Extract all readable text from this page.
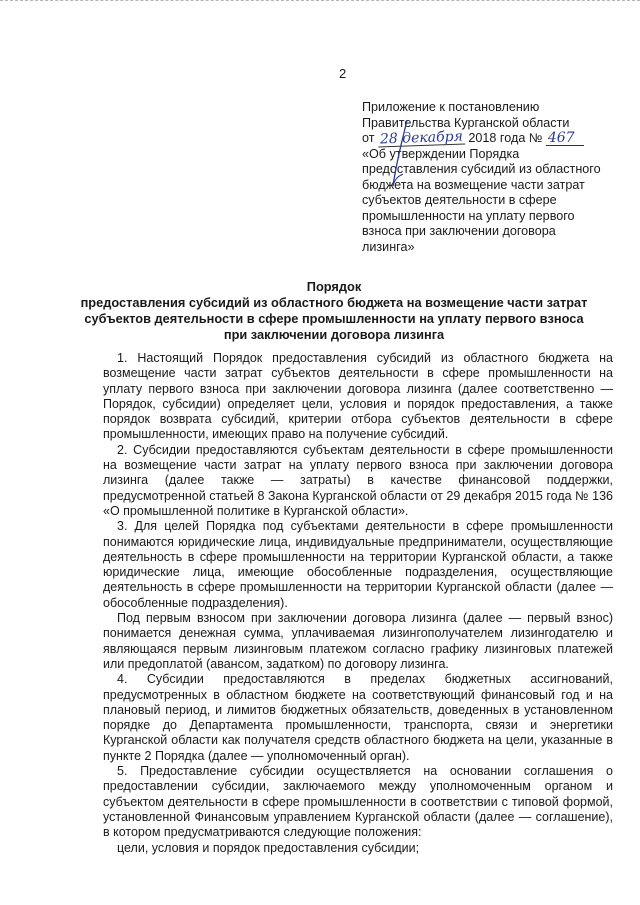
2
Приложение к постановлению
Правительства Курганской области
от 28 декабря 2018 года № 467
«Об утверждении Порядка
предоставления субсидий из областного
бюджета на возмещение части затрат
субъектов деятельности в сфере
промышленности на уплату первого
взноса при заключении договора
лизинга»
Порядок
предоставления субсидий из областного бюджета на возмещение части затрат
субъектов деятельности в сфере промышленности на уплату первого взноса
при заключении договора лизинга

1. Настоящий Порядок предоставления субсидий из областного бюджета на возмещение части затрат субъектов деятельности в сфере промышленности на уплату первого взноса при заключении договора лизинга (далее соответственно — Порядок, субсидии) определяет цели, условия и порядок предоставления, а также порядок возврата субсидий, критерии отбора субъектов деятельности в сфере промышленности, имеющих право на получение субсидий.

2. Субсидии предоставляются субъектам деятельности в сфере промышленности на возмещение части затрат на уплату первого взноса при заключении договора лизинга (далее также — затраты) в качестве финансовой поддержки, предусмотренной статьей 8 Закона Курганской области от 29 декабря 2015 года № 136 «О промышленной политике в Курганской области».

3. Для целей Порядка под субъектами деятельности в сфере промышленности понимаются юридические лица, индивидуальные предприниматели, осуществляющие деятельность в сфере промышленности на территории Курганской области, а также юридические лица, имеющие обособленные подразделения, осуществляющие деятельность в сфере промышленности на территории Курганской области (далее — обособленные подразделения).

Под первым взносом при заключении договора лизинга (далее — первый взнос) понимается денежная сумма, уплачиваемая лизингополучателем лизингодателю и являющаяся первым лизинговым платежом согласно графику лизинговых платежей или предоплатой (авансом, задатком) по договору лизинга.

4. Субсидии предоставляются в пределах бюджетных ассигнований, предусмотренных в областном бюджете на соответствующий финансовый год и на плановый период, и лимитов бюджетных обязательств, доведенных в установленном порядке до Департамента промышленности, транспорта, связи и энергетики Курганской области как получателя средств областного бюджета на цели, указанные в пункте 2 Порядка (далее — уполномоченный орган).

5. Предоставление субсидии осуществляется на основании соглашения о предоставлении субсидии, заключаемого между уполномоченным органом и субъектом деятельности в сфере промышленности в соответствии с типовой формой, установленной Финансовым управлением Курганской области (далее — соглашение), в котором предусматриваются следующие положения:

цели, условия и порядок предоставления субсидии;
